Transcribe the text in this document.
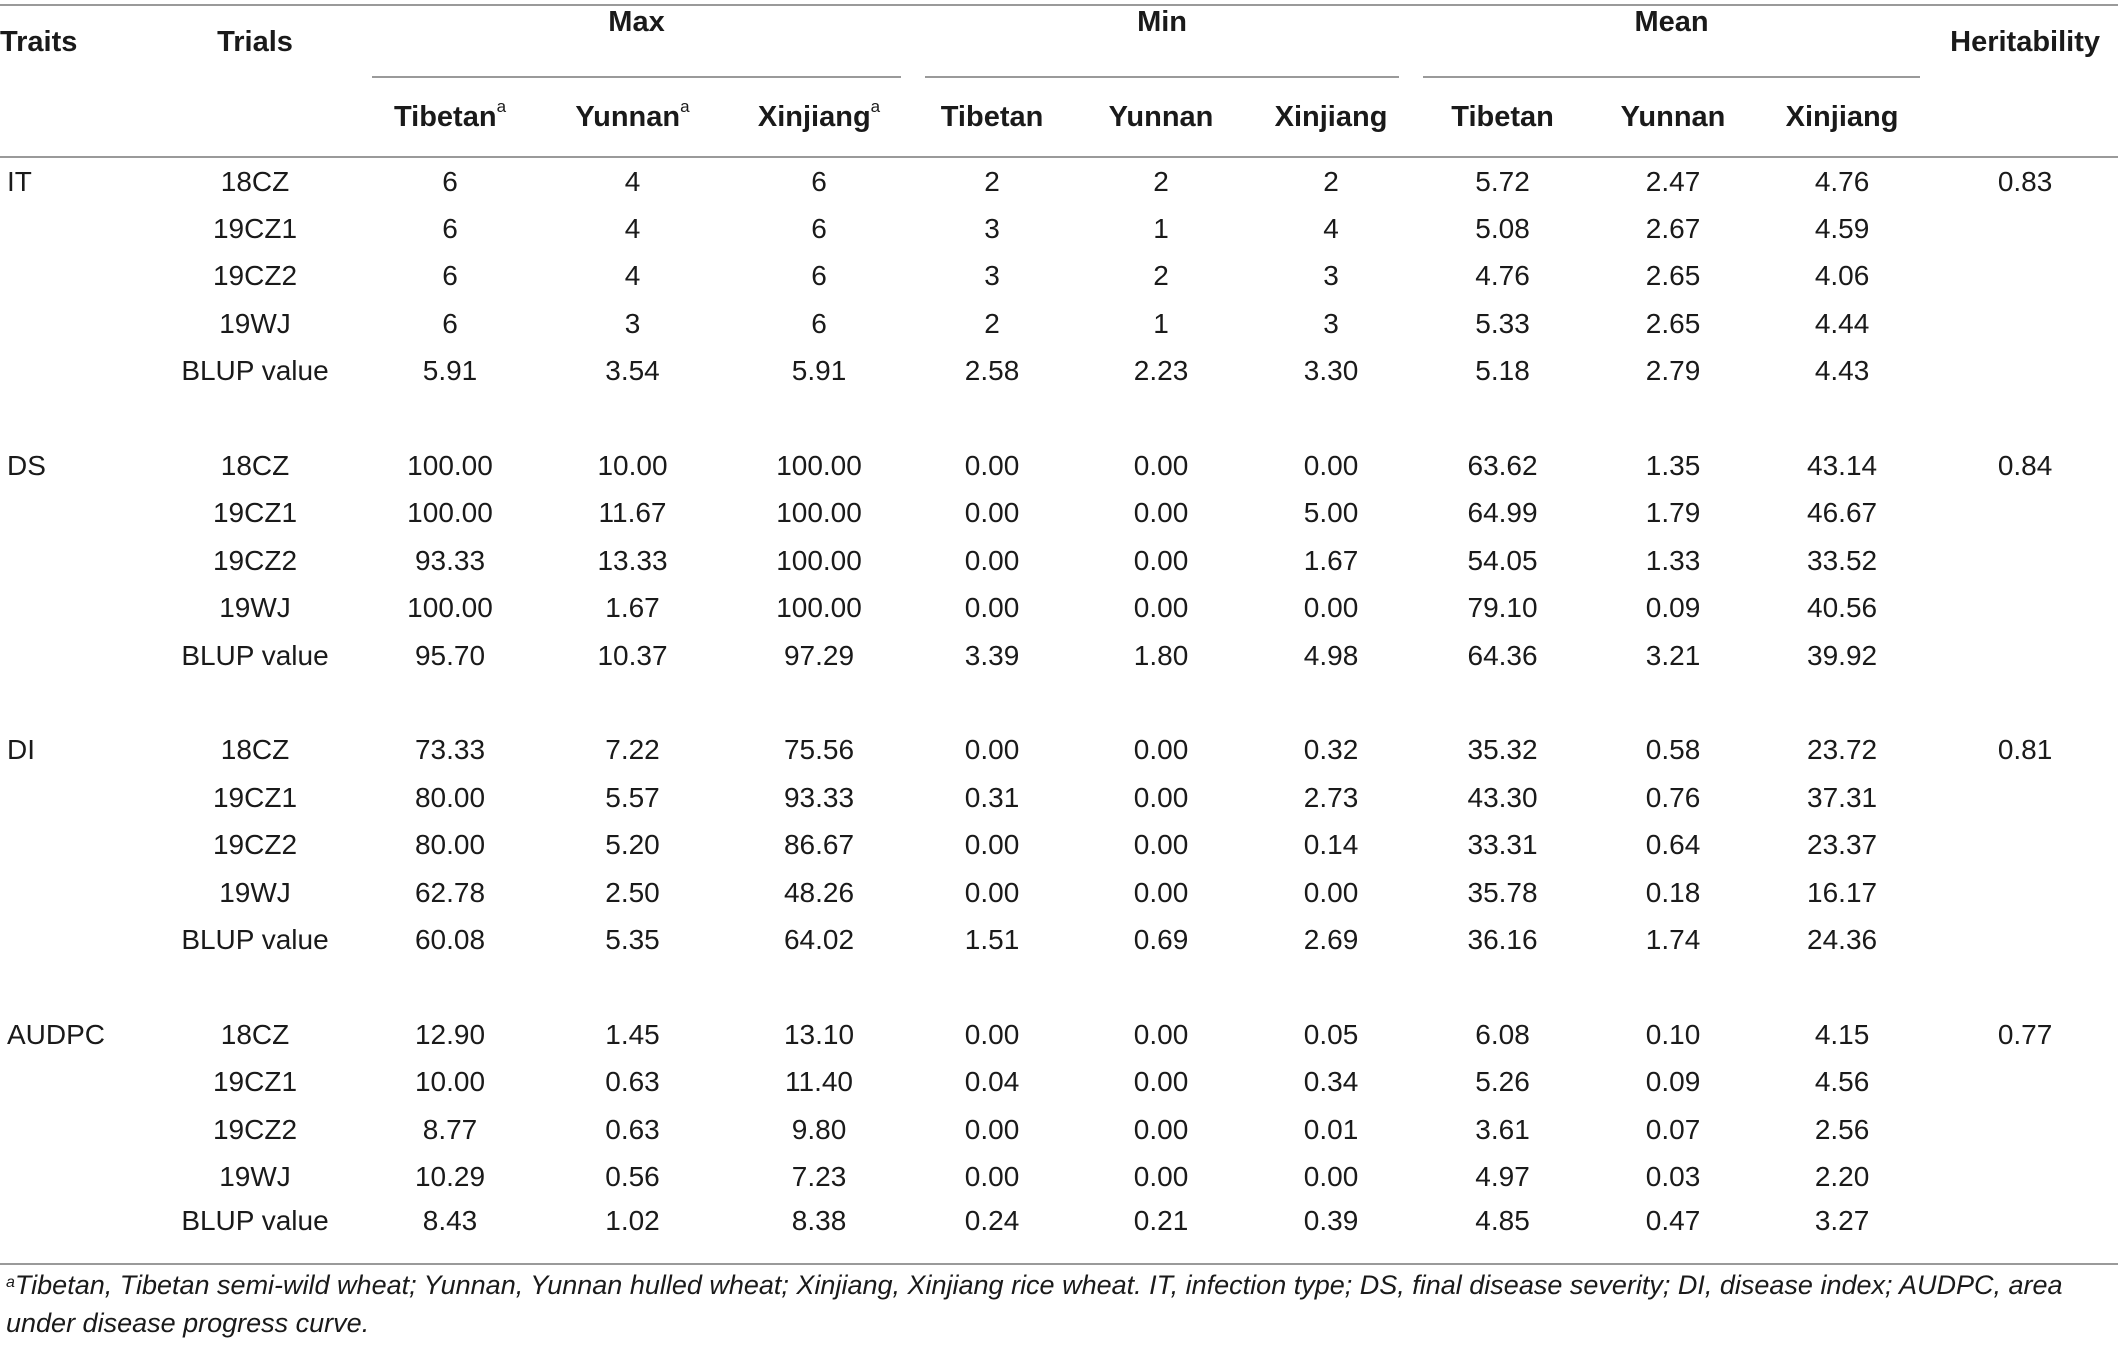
Traits	Trials	Max			Min			Mean			Heritability
		Tibetan$^a$	Yunnan$^a$	Xinjiang$^a$	Tibetan	Yunnan	Xinjiang	Tibetan	Yunnan	Xinjiang	
IT	18CZ	6	4	6	2	2	2	5.72	2.47	4.76	0.83
	19CZ1	6	4	6	3	1	4	5.08	2.67	4.59	
	19CZ2	6	4	6	3	2	3	4.76	2.65	4.06	
	19WJ	6	3	6	2	1	3	5.33	2.65	4.44	
	BLUP value	5.91	3.54	5.91	2.58	2.23	3.30	5.18	2.79	4.43	

DS	18CZ	100.00	10.00	100.00	0.00	0.00	0.00	63.62	1.35	43.14	0.84
	19CZ1	100.00	11.67	100.00	0.00	0.00	5.00	64.99	1.79	46.67	
	19CZ2	93.33	13.33	100.00	0.00	0.00	1.67	54.05	1.33	33.52	
	19WJ	100.00	1.67	100.00	0.00	0.00	0.00	79.10	0.09	40.56	
	BLUP value	95.70	10.37	97.29	3.39	1.80	4.98	64.36	3.21	39.92	

DI	18CZ	73.33	7.22	75.56	0.00	0.00	0.32	35.32	0.58	23.72	0.81
	19CZ1	80.00	5.57	93.33	0.31	0.00	2.73	43.30	0.76	37.31	
	19CZ2	80.00	5.20	86.67	0.00	0.00	0.14	33.31	0.64	23.37	
	19WJ	62.78	2.50	48.26	0.00	0.00	0.00	35.78	0.18	16.17	
	BLUP value	60.08	5.35	64.02	1.51	0.69	2.69	36.16	1.74	24.36	

AUDPC	18CZ	12.90	1.45	13.10	0.00	0.00	0.05	6.08	0.10	4.15	0.77
	19CZ1	10.00	0.63	11.40	0.04	0.00	0.34	5.26	0.09	4.56	
	19CZ2	8.77	0.63	9.80	0.00	0.00	0.01	3.61	0.07	2.56	
	19WJ	10.29	0.56	7.23	0.00	0.00	0.00	4.97	0.03	2.20	
	BLUP value	8.43	1.02	8.38	0.24	0.21	0.39	4.85	0.47	3.27	
$^a$Tibetan, Tibetan semi-wild wheat; Yunnan, Yunnan hulled wheat; Xinjiang, Xinjiang rice wheat. IT, infection type; DS, final disease severity; DI, disease index; AUDPC, area under disease progress curve.
